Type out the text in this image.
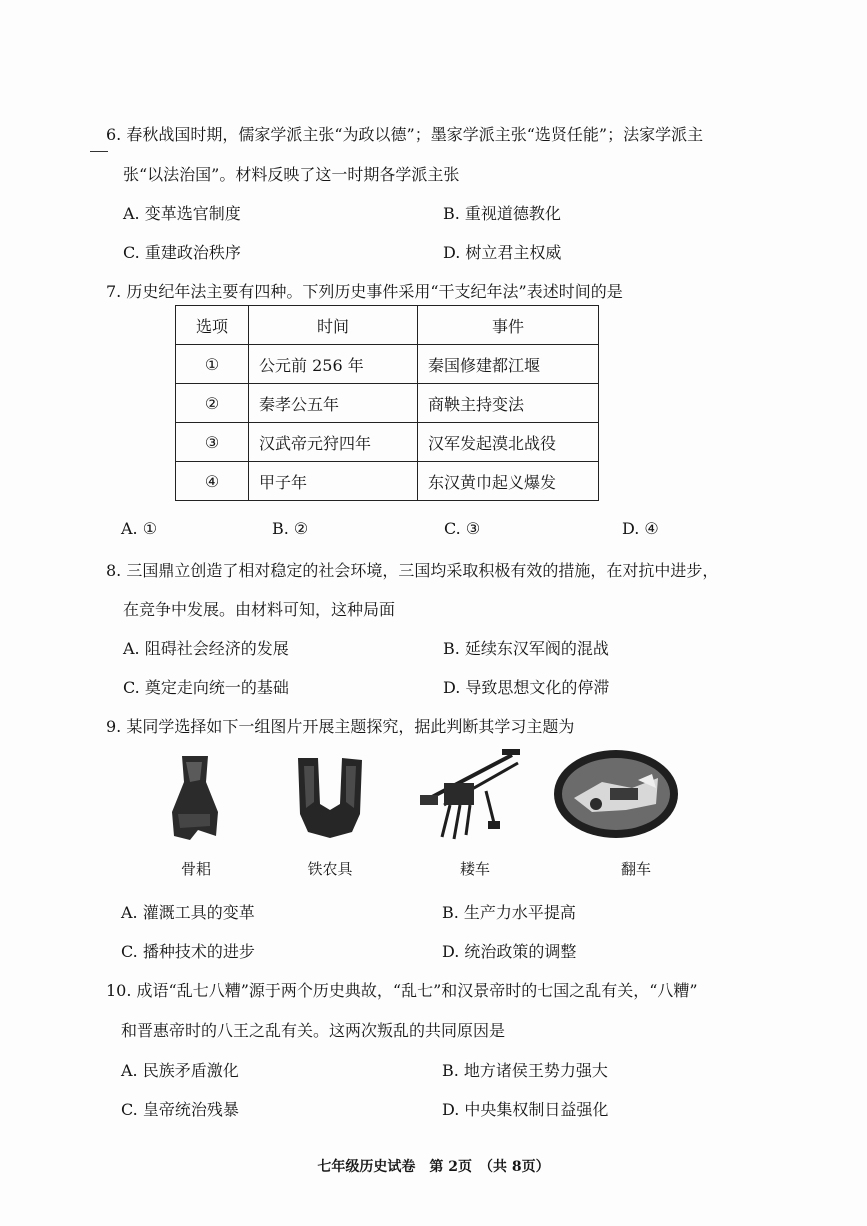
6. 春秋战国时期，儒家学派主张“为政以德”；墨家学派主张“选贤任能”；法家学派主
张“以法治国”。材料反映了这一时期各学派主张
A. 变革选官制度	B. 重视道德教化
C. 重建政治秩序	D. 树立君主权威
7. 历史纪年法主要有四种。下列历史事件采用“干支纪年法”表述时间的是
选项	时间	事件
①	公元前 256 年	秦国修建都江堰
②	秦孝公五年	商鞅主持变法
③	汉武帝元狩四年	汉军发起漠北战役
④	甲子年	东汉黄巾起义爆发
A. ①	B. ②	C. ③	D. ④
8. 三国鼎立创造了相对稳定的社会环境，三国均采取积极有效的措施，在对抗中进步，
在竞争中发展。由材料可知，这种局面
A. 阻碍社会经济的发展	B. 延续东汉军阀的混战
C. 奠定走向统一的基础	D. 导致思想文化的停滞
9. 某同学选择如下一组图片开展主题探究，据此判断其学习主题为
骨耜	铁农具	耧车	翻车
A. 灌溉工具的变革	B. 生产力水平提高
C. 播种技术的进步	D. 统治政策的调整
10. 成语“乱七八糟”源于两个历史典故，“乱七”和汉景帝时的七国之乱有关，“八糟”
和晋惠帝时的八王之乱有关。这两次叛乱的共同原因是
A. 民族矛盾激化	B. 地方诸侯王势力强大
C. 皇帝统治残暴	D. 中央集权制日益强化
七年级历史试卷　第 2页　（共 8页）
